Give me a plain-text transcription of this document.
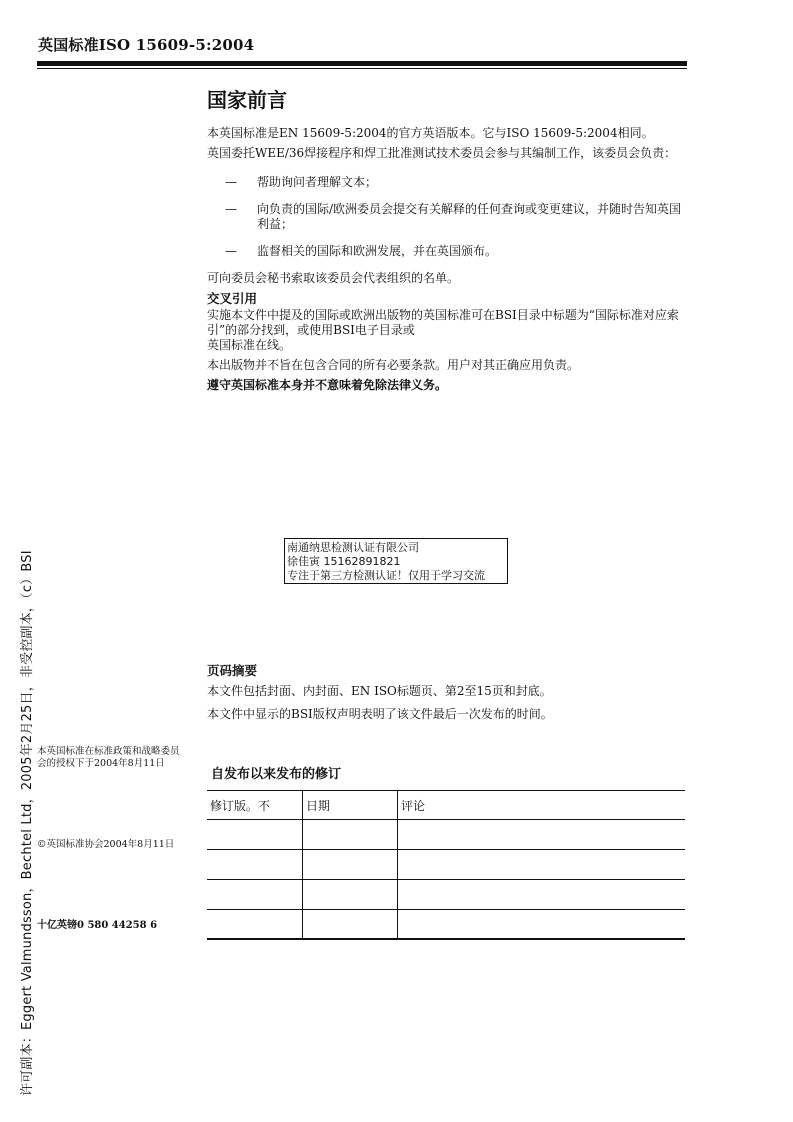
英国标准ISO 15609-5:2004
国家前言
本英国标准是EN 15609-5:2004的官方英语版本。它与ISO 15609-5:2004相同。
英国委托WEE/36焊接程序和焊工批准测试技术委员会参与其编制工作，该委员会负责：
—	帮助询问者理解文本；
—	向负责的国际/欧洲委员会提交有关解释的任何查询或变更建议，并随时告知英国利益；
—	监督相关的国际和欧洲发展，并在英国颁布。
可向委员会秘书索取该委员会代表组织的名单。
交叉引用
实施本文件中提及的国际或欧洲出版物的英国标准可在BSI目录中标题为“国际标准对应索引”的部分找到，或使用BSI电子目录或
英国标准在线。
本出版物并不旨在包含合同的所有必要条款。用户对其正确应用负责。
遵守英国标准本身并不意味着免除法律义务。
南通纳思检测认证有限公司
徐佳寅 15162891821
专注于第三方检测认证！仅用于学习交流
页码摘要
本文件包括封面、内封面、EN ISO标题页、第2至15页和封底。
本文件中显示的BSI版权声明表明了该文件最后一次发布的时间。
本英国标准在标准政策和战略委员会的授权下于2004年8月11日
©英国标准协会2004年8月11日
十亿英镑0 580 44258 6
自发布以来发布的修订
修订版。不	日期	评论

许可副本：Eggert Valmundsson，Bechtel Ltd，2005年2月25日，非受控副本，（c）BSI
